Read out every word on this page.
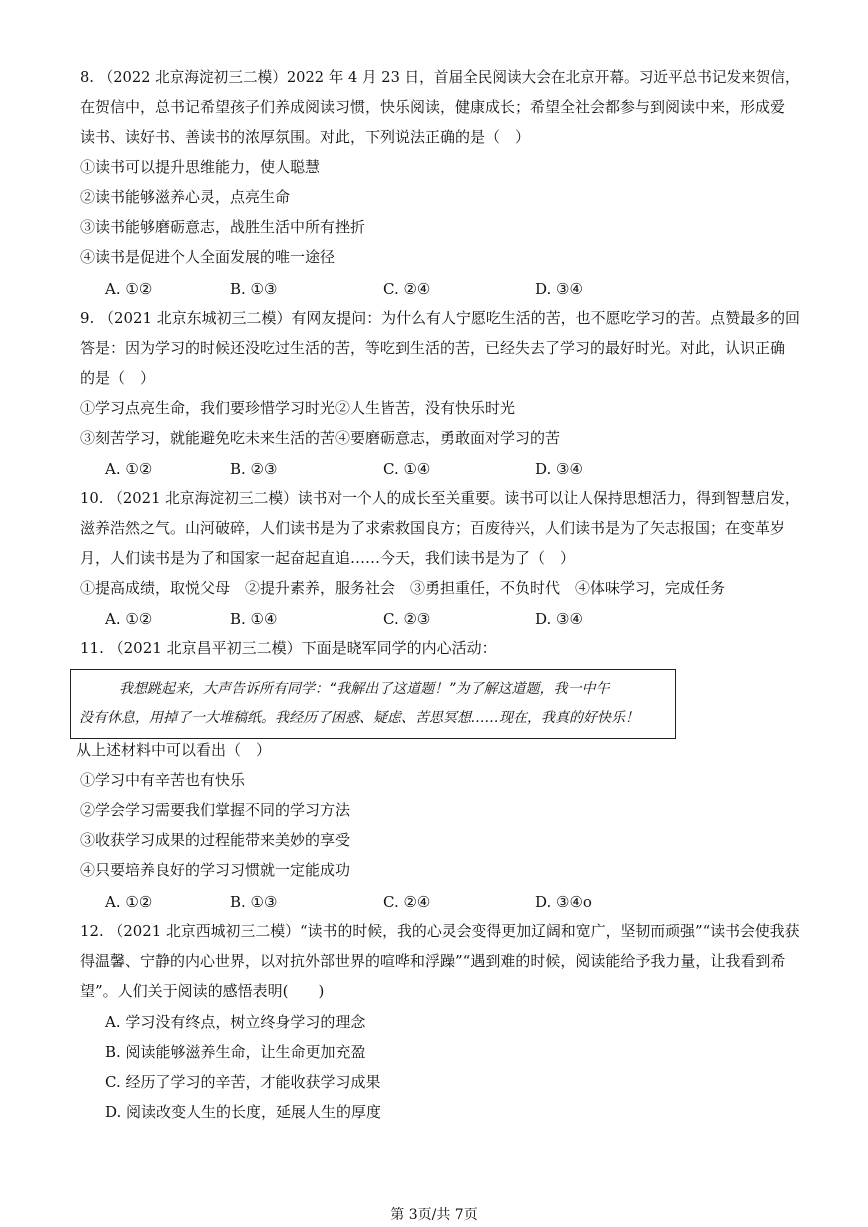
8. （2022 北京海淀初三二模）2022 年 4 月 23 日，首届全民阅读大会在北京开幕。习近平总书记发来贺信，
在贺信中，总书记希望孩子们养成阅读习惯，快乐阅读，健康成长；希望全社会都参与到阅读中来，形成爱
读书、读好书、善读书的浓厚氛围。对此，下列说法正确的是（　）
①读书可以提升思维能力，使人聪慧
②读书能够滋养心灵，点亮生命
③读书能够磨砺意志，战胜生活中所有挫折
④读书是促进个人全面发展的唯一途径
A. ①②	B. ①③	C. ②④	D. ③④
9. （2021 北京东城初三二模）有网友提问：为什么有人宁愿吃生活的苦，也不愿吃学习的苦。点赞最多的回
答是：因为学习的时候还没吃过生活的苦，等吃到生活的苦，已经失去了学习的最好时光。对此，认识正确
的是（　）
①学习点亮生命，我们要珍惜学习时光②人生皆苦，没有快乐时光
③刻苦学习，就能避免吃未来生活的苦④要磨砺意志，勇敢面对学习的苦
A. ①②	B. ②③	C. ①④	D. ③④
10. （2021 北京海淀初三二模）读书对一个人的成长至关重要。读书可以让人保持思想活力，得到智慧启发，
滋养浩然之气。山河破碎，人们读书是为了求索救国良方；百废待兴，人们读书是为了矢志报国；在变革岁
月，人们读书是为了和国家一起奋起直追……今天，我们读书是为了（　）
①提高成绩，取悦父母　②提升素养，服务社会　③勇担重任，不负时代　④体味学习，完成任务
A. ①②	B. ①④	C. ②③	D. ③④
11. （2021 北京昌平初三二模）下面是晓军同学的内心活动：
我想跳起来，大声告诉所有同学：“我解出了这道题！”为了解这道题，我一中午
没有休息，用掉了一大堆稿纸。我经历了困惑、疑虑、苦思冥想……现在，我真的好快乐！
从上述材料中可以看出（　）
①学习中有辛苦也有快乐
②学会学习需要我们掌握不同的学习方法
③收获学习成果的过程能带来美妙的享受
④只要培养良好的学习习惯就一定能成功
A. ①②	B. ①③	C. ②④	D. ③④o
12. （2021 北京西城初三二模）“读书的时候，我的心灵会变得更加辽阔和宽广，坚韧而顽强”“读书会使我获
得温馨、宁静的内心世界，以对抗外部世界的喧哗和浮躁”“遇到难的时候，阅读能给予我力量，让我看到希
望”。人们关于阅读的感悟表明(　　)
A. 学习没有终点，树立终身学习的理念
B. 阅读能够滋养生命，让生命更加充盈
C. 经历了学习的辛苦，才能收获学习成果
D. 阅读改变人生的长度，延展人生的厚度
第 3页/共 7页
